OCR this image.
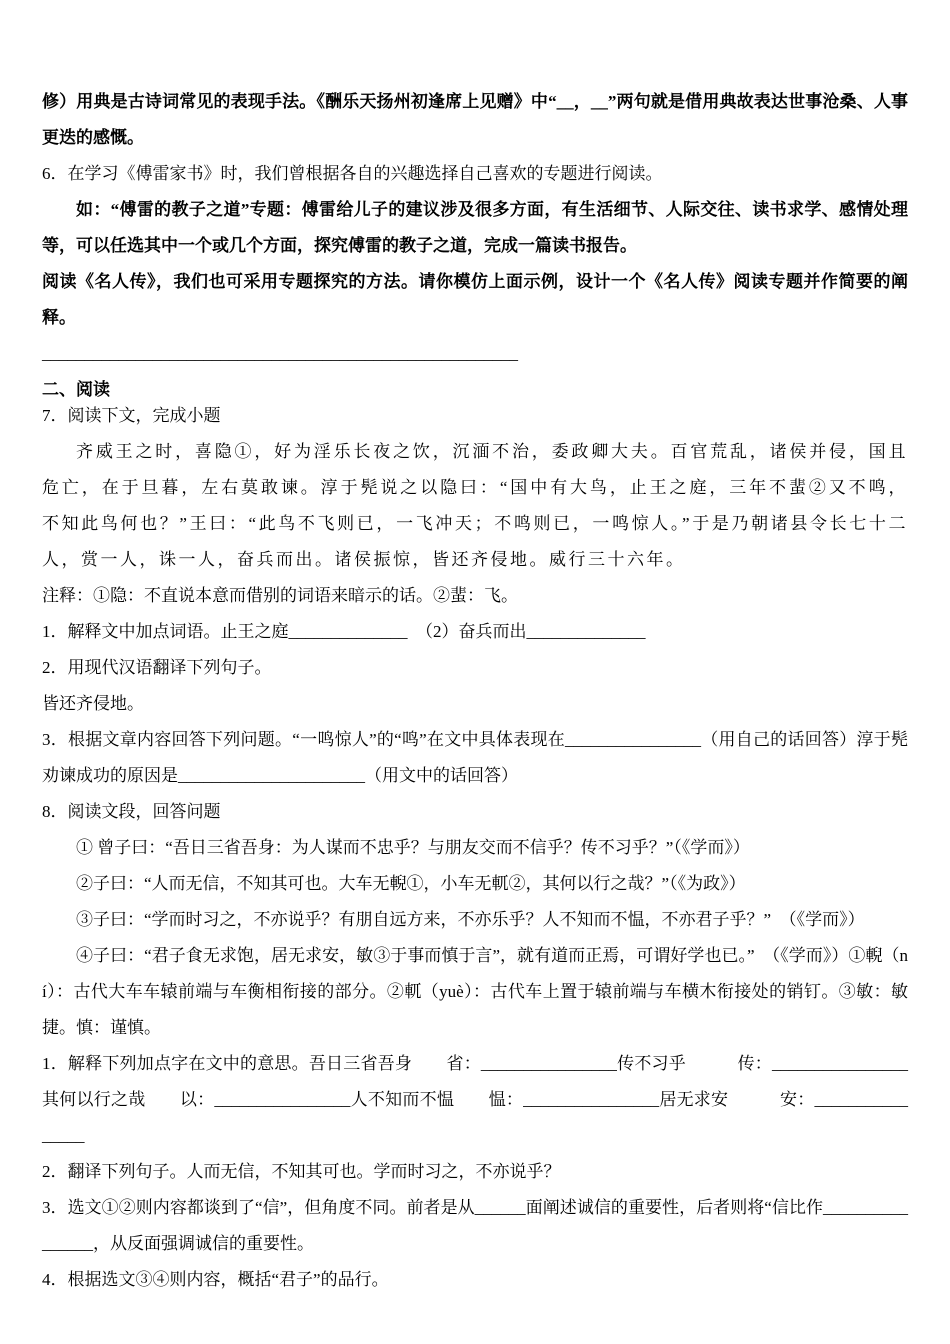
修）用典是古诗词常见的表现手法。《酬乐天扬州初逢席上见赠》中“__，__”两句就是借用典故表达世事沧桑、人事更迭的感慨。
6．在学习《傅雷家书》时，我们曾根据各自的兴趣选择自己喜欢的专题进行阅读。
如：“傅雷的教子之道”专题：傅雷给儿子的建议涉及很多方面，有生活细节、人际交往、读书求学、感情处理等，可以任选其中一个或几个方面，探究傅雷的教子之道，完成一篇读书报告。
阅读《名人传》，我们也可采用专题探究的方法。请你模仿上面示例，设计一个《名人传》阅读专题并作简要的阐释。
________________________________________________________
二、阅读
7．阅读下文，完成小题
齐威王之时，喜隐①，好为淫乐长夜之饮，沉湎不治，委政卿大夫。百官荒乱，诸侯并侵，国且危亡，在于旦暮，左右莫敢谏。淳于髡说之以隐曰：“国中有大鸟，止王之庭，三年不蜚②又不鸣，不知此鸟何也？”王曰：“此鸟不飞则已，一飞冲天；不鸣则已，一鸣惊人。”于是乃朝诸县令长七十二人，赏一人，诛一人，奋兵而出。诸侯振惊，皆还齐侵地。威行三十六年。
注释：①隐：不直说本意而借别的词语来暗示的话。②蜚：飞。
1．解释文中加点词语。止王之庭______________　（2）奋兵而出______________
2．用现代汉语翻译下列句子。
皆还齐侵地。
3．根据文章内容回答下列问题。“一鸣惊人”的“鸣”在文中具体表现在________________（用自己的话回答）淳于髡劝谏成功的原因是______________________（用文中的话回答）
8．阅读文段，回答问题
① 曾子曰：“吾日三省吾身：为人谋而不忠乎？与朋友交而不信乎？传不习乎？”（《学而》）
②子曰：“人而无信，不知其可也。大车无輗①，小车无軏②，其何以行之哉？”（《为政》）
③子曰：“学而时习之，不亦说乎？有朋自远方来，不亦乐乎？人不知而不愠，不亦君子乎？”　（《学而》）
④子曰：“君子食无求饱，居无求安，敏③于事而慎于言”，就有道而正焉，可谓好学也已。”　（《学而》）①輗（ní）：古代大车车辕前端与车衡相衔接的部分。②軏（yuè）：古代车上置于辕前端与车横木衔接处的销钉。③敏：敏捷。慎：谨慎。
1．解释下列加点字在文中的意思。吾日三省吾身　　省：________________传不习乎　　　传：________________其何以行之哉　　以：________________人不知而不愠　　愠：________________居无求安　　　安：________________
2．翻译下列句子。人而无信，不知其可也。学而时习之，不亦说乎？
3．选文①②则内容都谈到了“信”，但角度不同。前者是从______面阐述诚信的重要性，后者则将“信比作________________，从反面强调诚信的重要性。
4．根据选文③④则内容，概括“君子”的品行。
